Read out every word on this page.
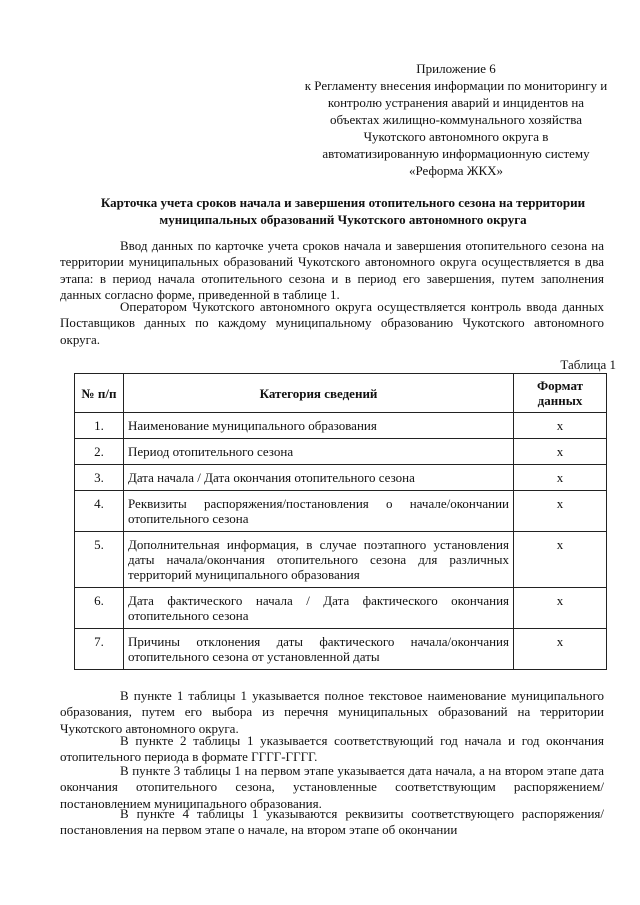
Приложение 6
к Регламенту внесения информации по мониторингу и
контролю устранения аварий и инцидентов на
объектах жилищно-коммунального хозяйства
Чукотского автономного округа в
автоматизированную информационную систему
«Реформа ЖКХ»
Карточка учета сроков начала и завершения отопительного сезона на территории
муниципальных образований Чукотского автономного округа

Ввод данных по карточке учета сроков начала и завершения отопительного сезона на территории муниципальных образований Чукотского автономного округа осуществляется в два этапа: в период начала отопительного сезона и в период его завершения, путем заполнения данных согласно форме, приведенной в таблице 1.

Оператором Чукотского автономного округа осуществляется контроль ввода данных Поставщиков данных по каждому муниципальному образованию Чукотского автономного округа.

Таблица 1
№ п/п	Категория сведений	Формат данных
1.	Наименование муниципального образования	х
2.	Период отопительного сезона	х
3.	Дата начала / Дата окончания отопительного сезона	х
4.	Реквизиты распоряжения/постановления о начале/окончании отопительного сезона	х
5.	Дополнительная информация, в случае поэтапного установления даты начала/окончания отопительного сезона для различных территорий муниципального образования	х
6.	Дата фактического начала / Дата фактического окончания отопительного сезона	х
7.	Причины отклонения даты фактического начала/окончания отопительного сезона от установленной даты	х

В пункте 1 таблицы 1 указывается полное текстовое наименование муниципального образования, путем его выбора из перечня муниципальных образований на территории Чукотского автономного округа.

В пункте 2 таблицы 1 указывается соответствующий год начала и год окончания отопительного периода в формате ГГГГ-ГГГГ.

В пункте 3 таблицы 1 на первом этапе указывается дата начала, а на втором этапе дата окончания отопительного сезона, установленные соответствующим распоряжением/постановлением муниципального образования.

В пункте 4 таблицы 1 указываются реквизиты соответствующего распоряжения/постановления на первом этапе о начале, на втором этапе об окончании
